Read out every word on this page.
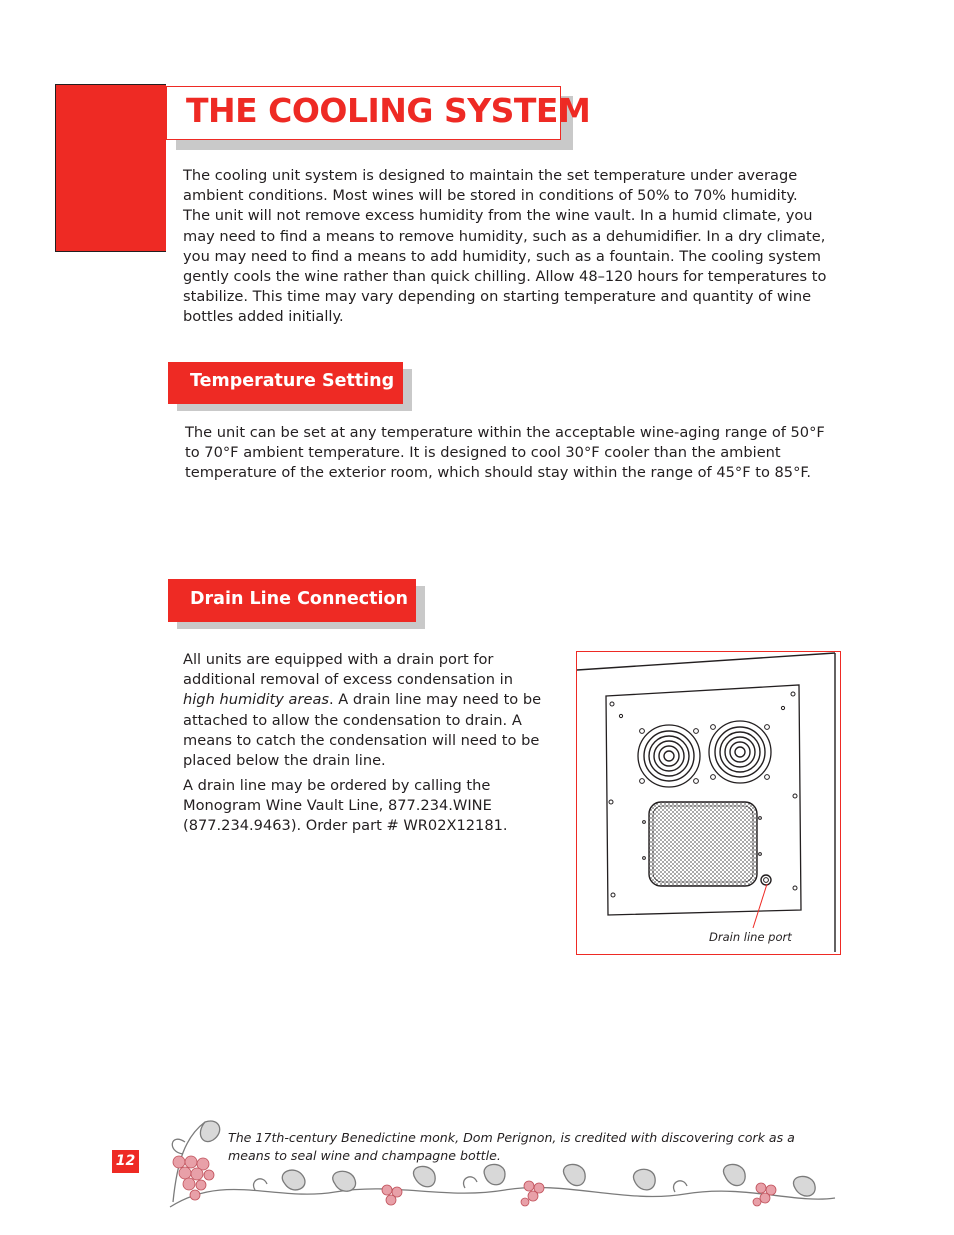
THE COOLING SYSTEM

The cooling unit system is designed to maintain the set temperature under average ambient conditions. Most wines will be stored in conditions of 50% to 70% humidity. The unit will not remove excess humidity from the wine vault. In a humid climate, you may need to find a means to remove humidity, such as a dehumidifier. In a dry climate, you may need to find a means to add humidity, such as a fountain. The cooling system gently cools the wine rather than quick chilling. Allow 48–120 hours for temperatures to stabilize. This time may vary depending on starting temperature and quantity of wine bottles added initially.

Temperature Setting

The unit can be set at any temperature within the acceptable wine-aging range of 50°F to 70°F ambient temperature. It is designed to cool 30°F cooler than the ambient temperature of the exterior room, which should stay within the range of 45°F to 85°F.

Drain Line Connection

All units are equipped with a drain port for additional removal of excess condensation in high humidity areas. A drain line may need to be attached to allow the condensation to drain. A means to catch the condensation will need to be placed below the drain line.

A drain line may be ordered by calling the Monogram Wine Vault Line, 877.234.WINE (877.234.9463). Order part # WR02X12181.

Drain line port
12
The 17th-century Benedictine monk, Dom Perignon, is credited with discovering cork as a means to seal wine and champagne bottle.
